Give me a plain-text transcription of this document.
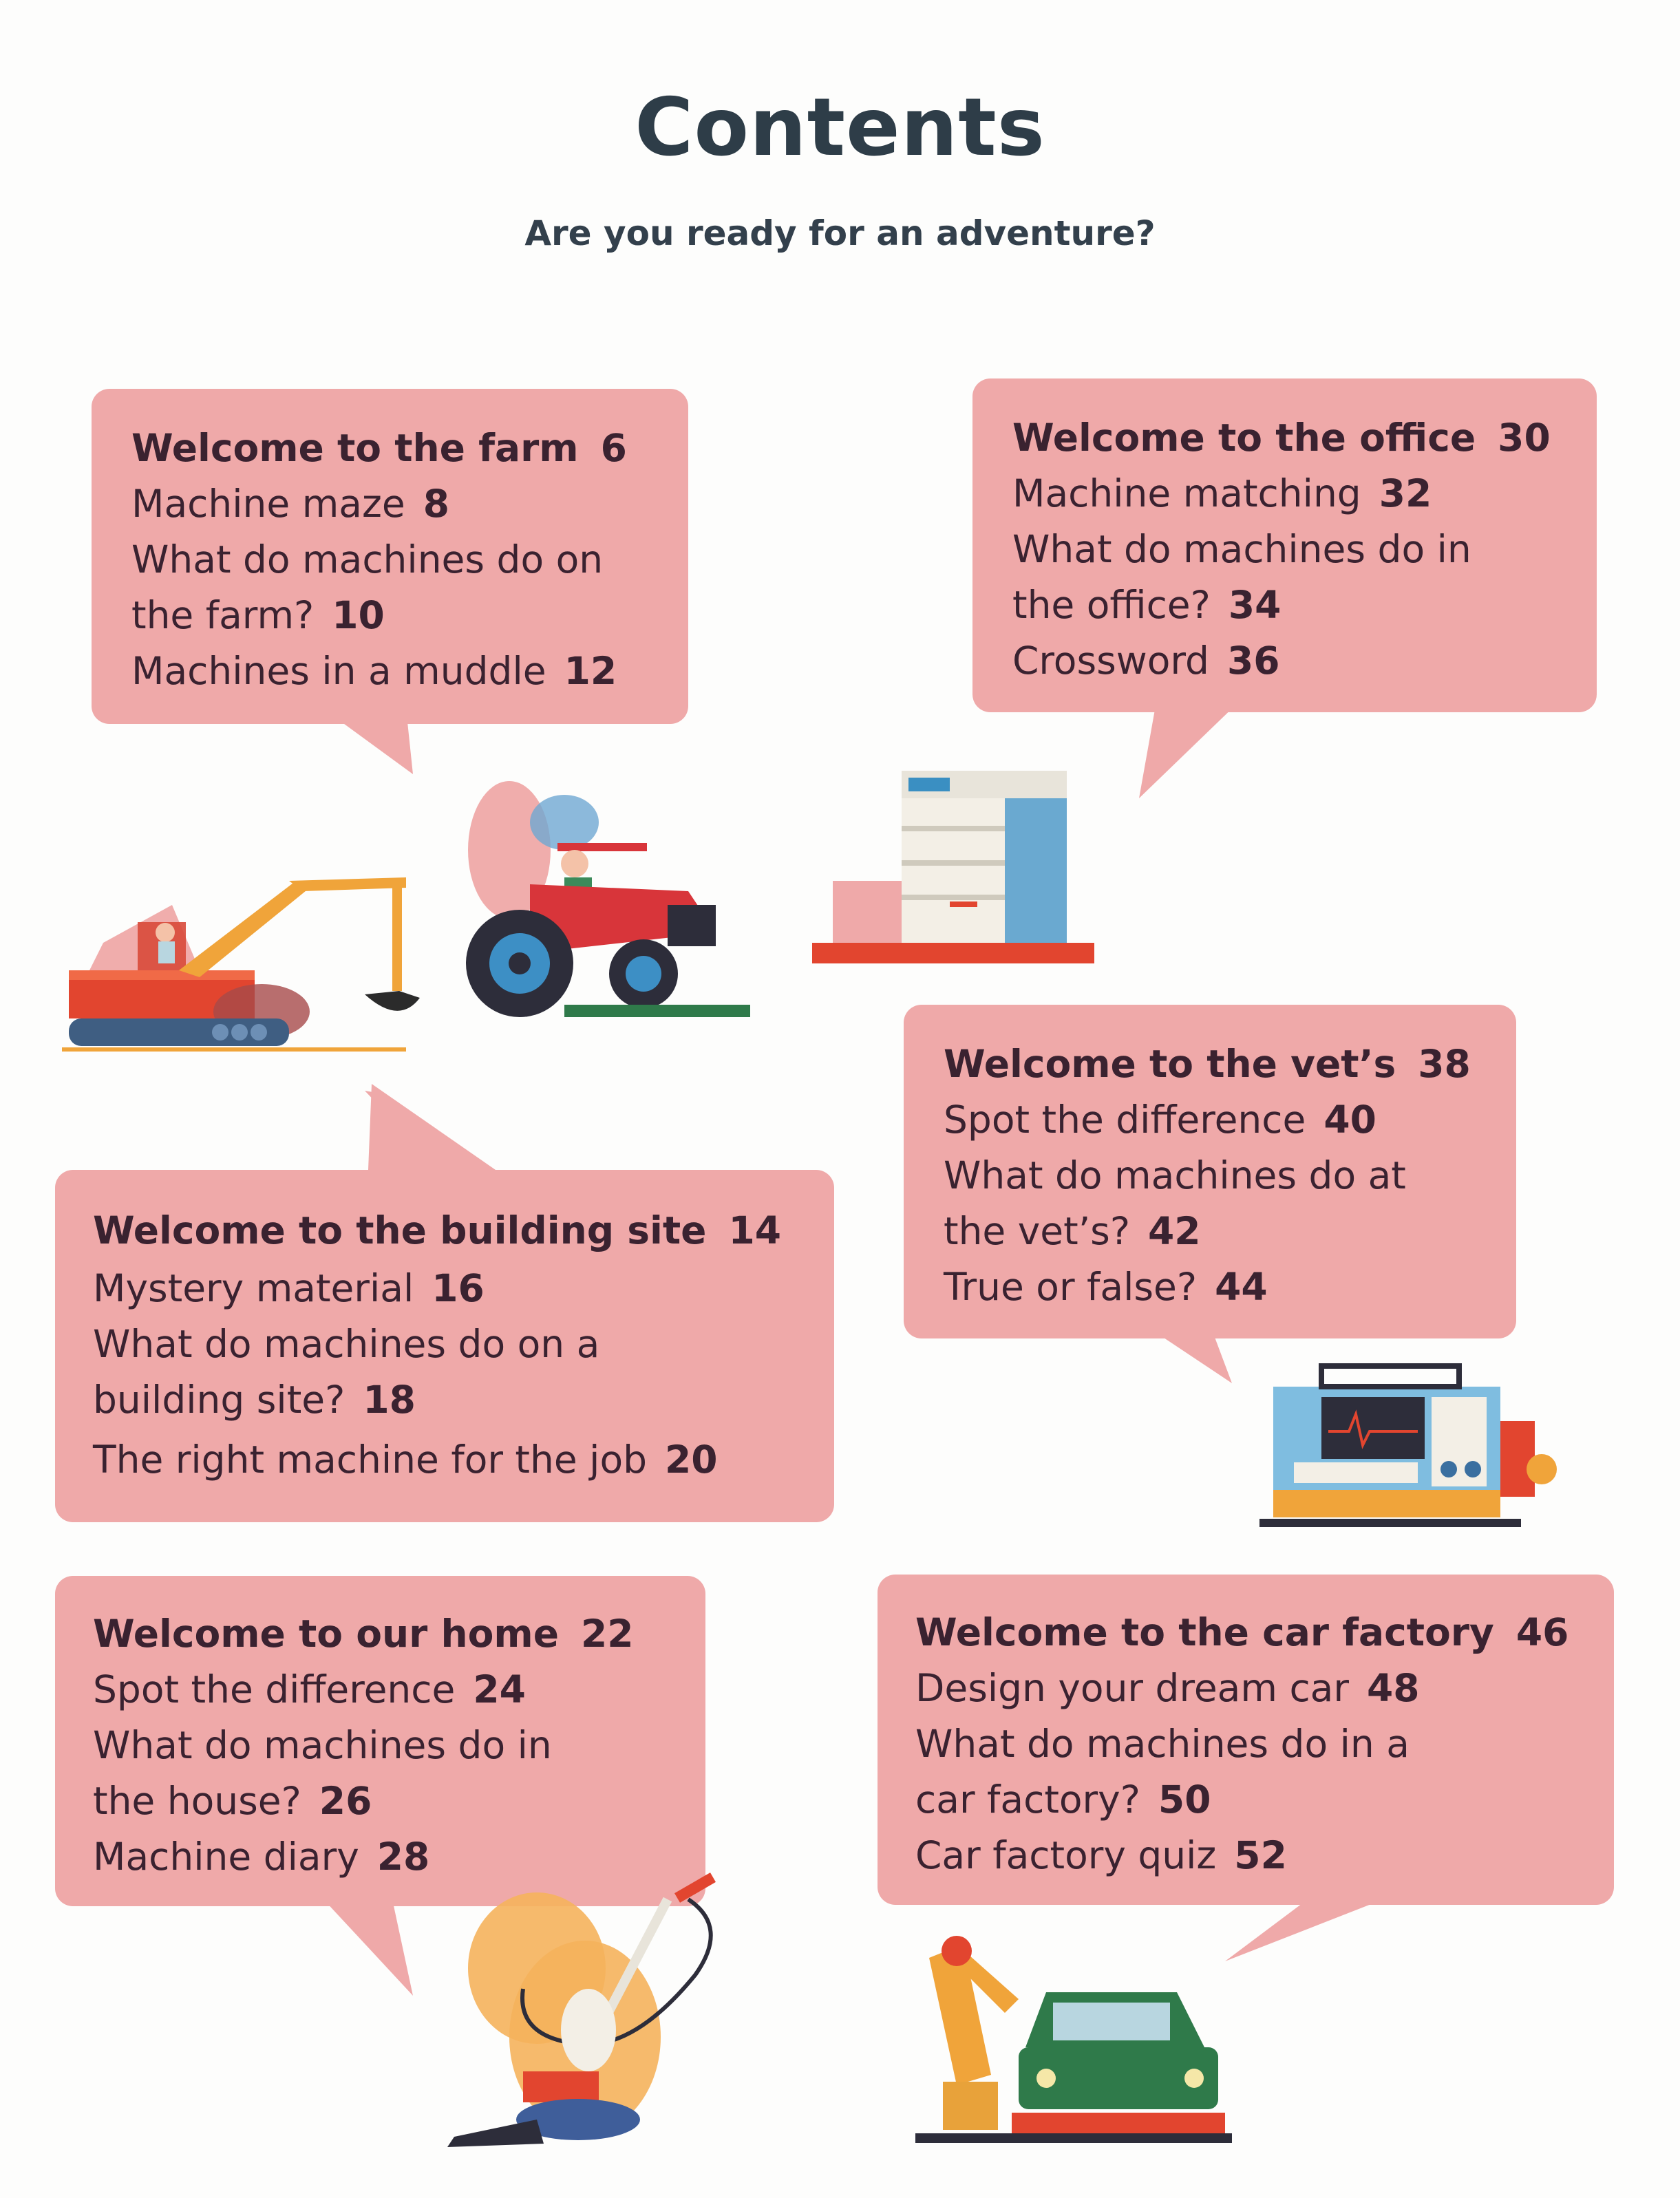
Contents
Are you ready for an adventure?
Welcome to the farm 6
Machine maze 8
What do machines do on
the farm? 10
Machines in a muddle 12
Welcome to the office 30
Machine matching 32
What do machines do in
the office? 34
Crossword 36
Welcome to the vet’s 38
Spot the difference 40
What do machines do at
the vet’s? 42
True or false? 44
Welcome to the building site 14
Mystery material 16
What do machines do on a
building site? 18
The right machine for the job 20
Welcome to our home 22
Spot the difference 24
What do machines do in
the house? 26
Machine diary 28
Welcome to the car factory 46
Design your dream car 48
What do machines do in a
car factory? 50
Car factory quiz 52
